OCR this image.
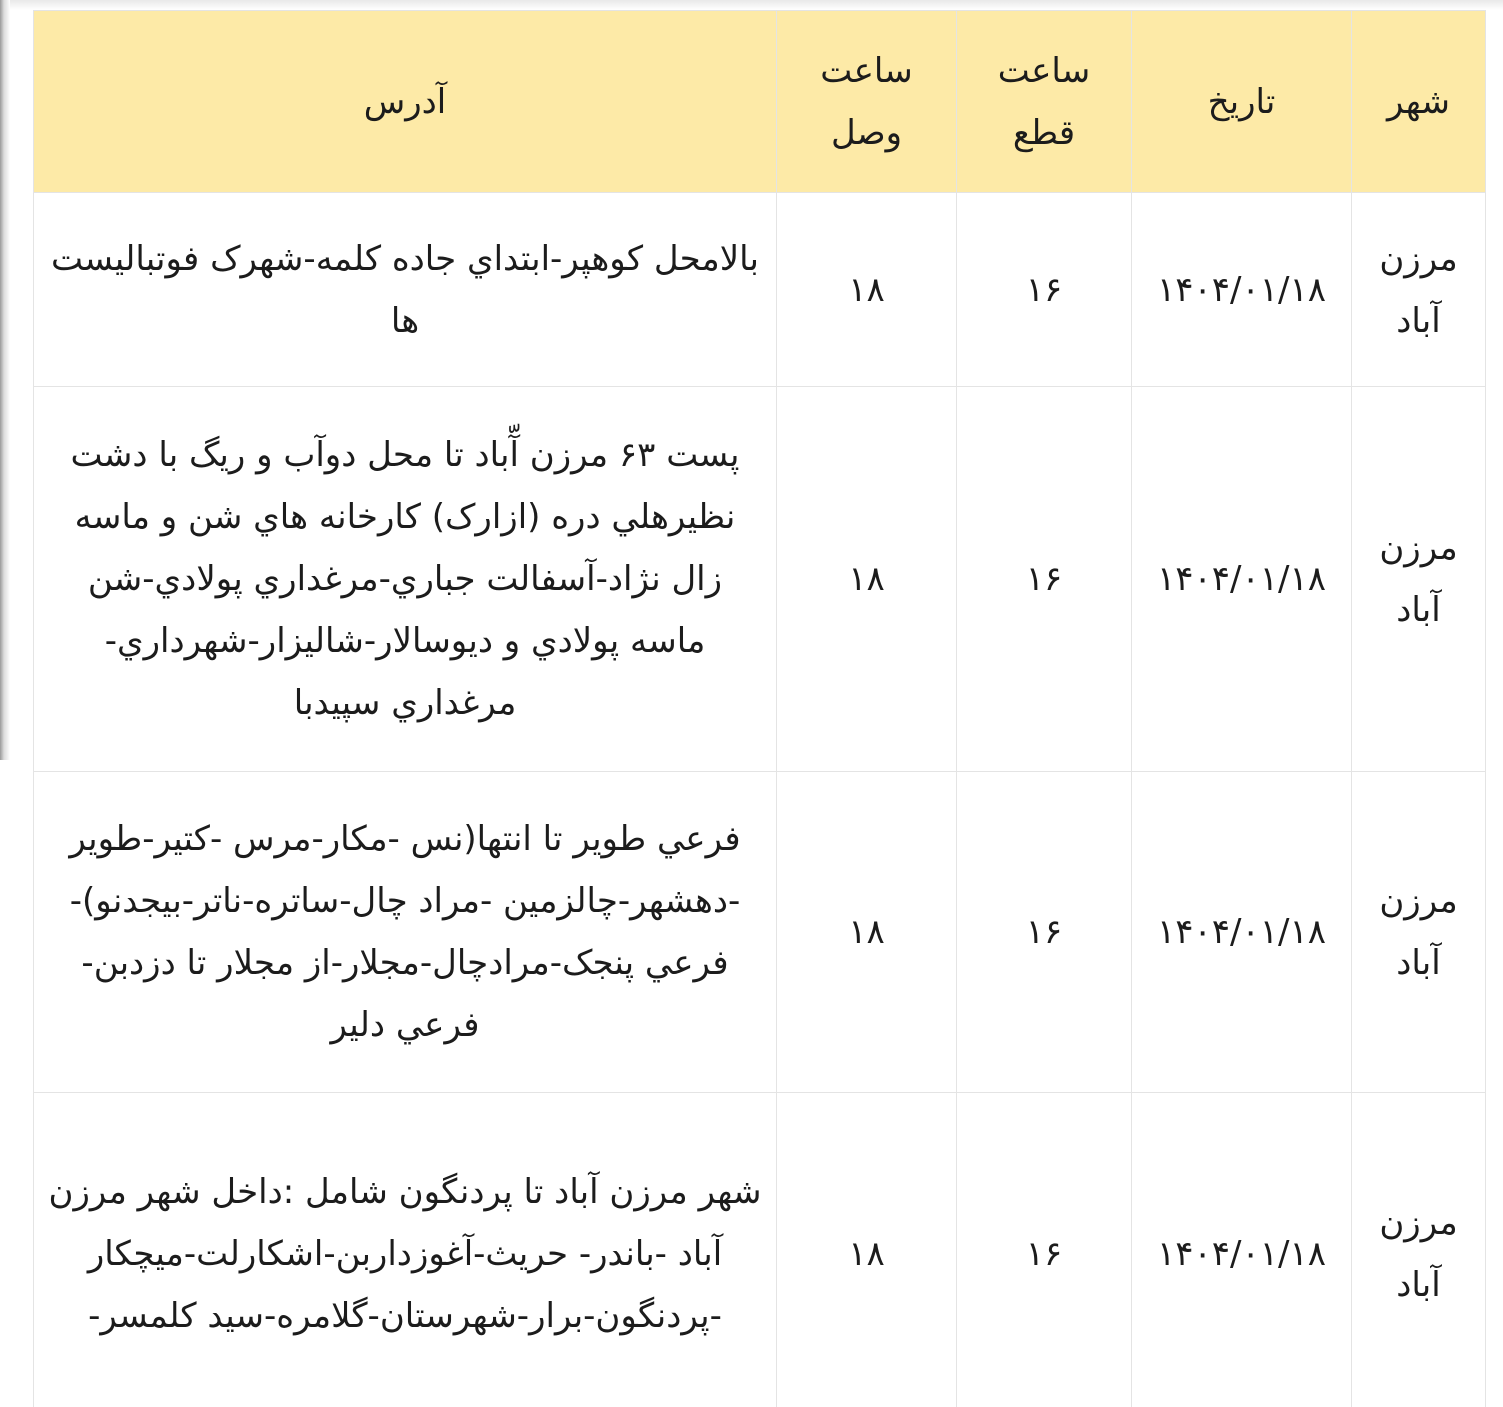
شهر	تاريخ	ساعت قطع	ساعت وصل	آدرس
مرزن آباد	۱۴۰۴/۰۱/۱۸	۱۶	۱۸	بالامحل کوهپر-ابتداي جاده کلمه-شهرک فوتباليست ها
مرزن آباد	۱۴۰۴/۰۱/۱۸	۱۶	۱۸	پست ۶۳ مرزن آّباد تا محل دوآب و ريگ با دشت نظيرهلي دره (ازارک) کارخانه هاي شن و ماسه زال نژاد-آسفالت جباري-مرغداري پولادي-شن ماسه پولادي و ديوسالار-شاليزار-شهرداري-مرغداري سپيدبا
مرزن آباد	۱۴۰۴/۰۱/۱۸	۱۶	۱۸	فرعي طوير تا انتها(نس -مکار-مرس -کتير-طوير -دهشهر-چالزمين -مراد چال-ساتره-ناتر-بيجدنو)- فرعي پنجک-مرادچال-مجلار-از مجلار تا دزدبن-فرعي دلير
مرزن آباد	۱۴۰۴/۰۱/۱۸	۱۶	۱۸	شهر مرزن آباد تا پردنگون شامل :داخل شهر مرزن آباد -باندر- حريث-آغوزداربن-اشکارلت-ميچکار -پردنگون-برار-شهرستان-گلامره-سيد کلمسر-
